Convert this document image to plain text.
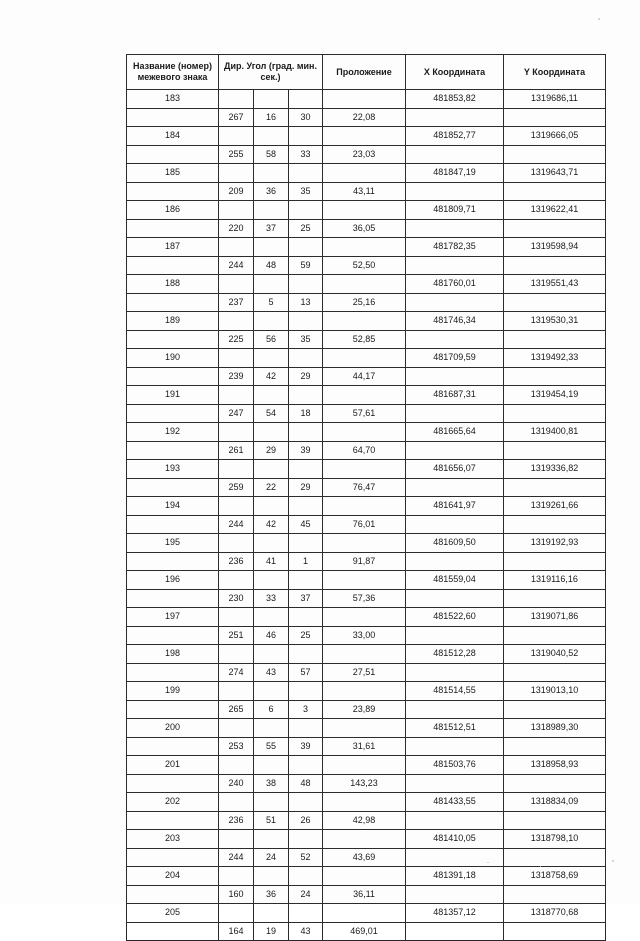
Название (номер) межевого знака	Дир. Угол (град. мин. сек.)			Проложение	X Координата	Y Координата
183					481853,82	1319686,11
	267	16	30	22,08		
184					481852,77	1319666,05
	255	58	33	23,03		
185					481847,19	1319643,71
	209	36	35	43,11		
186					481809,71	1319622,41
	220	37	25	36,05		
187					481782,35	1319598,94
	244	48	59	52,50		
188					481760,01	1319551,43
	237	5	13	25,16		
189					481746,34	1319530,31
	225	56	35	52,85		
190					481709,59	1319492,33
	239	42	29	44,17		
191					481687,31	1319454,19
	247	54	18	57,61		
192					481665,64	1319400,81
	261	29	39	64,70		
193					481656,07	1319336,82
	259	22	29	76,47		
194					481641,97	1319261,66
	244	42	45	76,01		
195					481609,50	1319192,93
	236	41	1	91,87		
196					481559,04	1319116,16
	230	33	37	57,36		
197					481522,60	1319071,86
	251	46	25	33,00		
198					481512,28	1319040,52
	274	43	57	27,51		
199					481514,55	1319013,10
	265	6	3	23,89		
200					481512,51	1318989,30
	253	55	39	31,61		
201					481503,76	1318958,93
	240	38	48	143,23		
202					481433,55	1318834,09
	236	51	26	42,98		
203					481410,05	1318798,10
	244	24	52	43,69		
204					481391,18	1318758,69
	160	36	24	36,11		
205					481357,12	1318770,68
	164	19	43	469,01		
